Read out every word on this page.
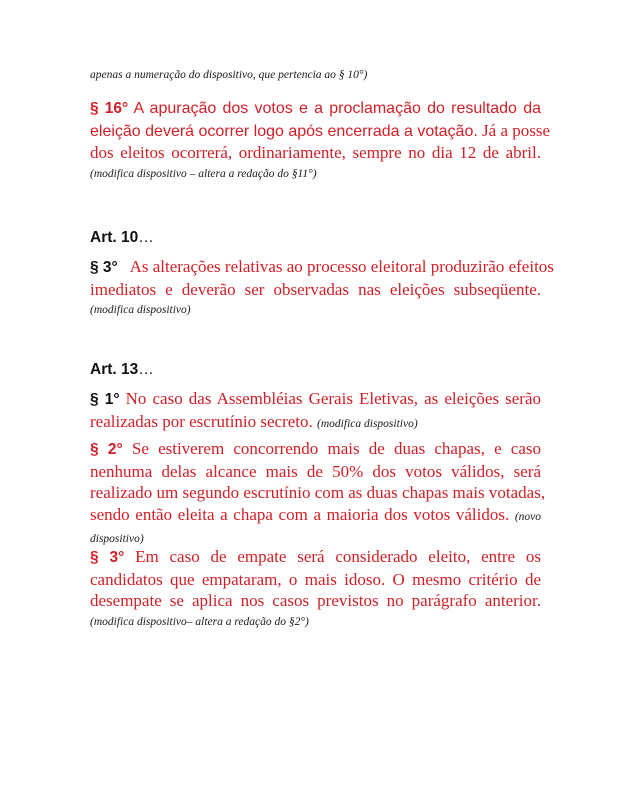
apenas a numeração do dispositivo, que pertencia ao § 10°)
§ 16° A apuração dos votos e a proclamação do resultado da
eleição deverá ocorrer logo após encerrada a votação. Já a posse
dos eleitos ocorrerá, ordinariamente, sempre no dia 12 de abril.
(modifica dispositivo – altera a redação do §11°)
Art. 10…
§ 3° As alterações relativas ao processo eleitoral produzirão efeitos
imediatos e deverão ser observadas nas eleições subseqüente.
(modifica dispositivo)
Art. 13…
§ 1° No caso das Assembléias Gerais Eletivas, as eleições serão
realizadas por escrutínio secreto. (modifica dispositivo)
§ 2° Se estiverem concorrendo mais de duas chapas, e caso
nenhuma delas alcance mais de 50% dos votos válidos, será
realizado um segundo escrutínio com as duas chapas mais votadas,
sendo então eleita a chapa com a maioria dos votos válidos. (novo
dispositivo)
§ 3° Em caso de empate será considerado eleito, entre os
candidatos que empataram, o mais idoso. O mesmo critério de
desempate se aplica nos casos previstos no parágrafo anterior.
(modifica dispositivo– altera a redação do §2°)
